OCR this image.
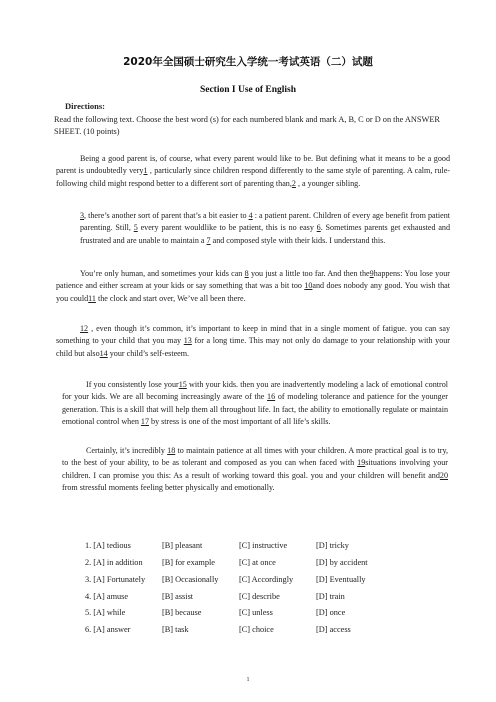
2020年全国硕士研究生入学统一考试英语（二）试题
Section I Use of English
Directions:
Read the following text. Choose the best word (s) for each numbered blank and mark A, B, C or D on the ANSWER SHEET. (10 points)
Being a good parent is, of course, what every parent would like to be. But defining what it means to be a good parent is undoubtedly very1 , particularly since children respond differently to the same style of parenting. A calm, rule-following child might respond better to a different sort of parenting than,2 , a younger sibling.
3, there’s another sort of parent that’s a bit easier to 4 : a patient parent. Children of every age benefit from patient parenting. Still, 5 every parent wouldlike to be patient, this is no easy 6. Sometimes parents get exhausted and frustrated and are unable to maintain a 7 and composed style with their kids. I understand this.
You’re only human, and sometimes your kids can 8 you just a little too far. And then the9happens: You lose your patience and either scream at your kids or say something that was a bit too 10and does nobody any good. You wish that you could11 the clock and start over, We’ve all been there.
12 , even though it’s common, it’s important to keep in mind that in a single moment of fatigue. you can say something to your child that you may 13 for a long time. This may not only do damage to your relationship with your child but also14 your child’s self-esteem.
If you consistently lose your15 with your kids. then you are inadvertently modeling a lack of emotional control for your kids. We are all becoming increasingly aware of the 16 of modeling tolerance and patience for the younger generation. This is a skill that will help them all throughout life. In fact, the ability to emotionally regulate or maintain emotional control when 17 by stress is one of the most important of all life’s skills.
Certainly, it’s incredibly 18 to maintain patience at all times with your children. A more practical goal is to try, to the best of your ability, to be as tolerant and composed as you can when faced with 19situations involving your children. I can promise you this: As a result of working toward this goal. you and your children will benefit and20 from stressful moments feeling better physically and emotionally.
1. [A] tedious	[B] pleasant	[C] instructive	[D] tricky
2. [A] in addition	[B] for example	[C] at once	[D] by accident
3. [A] Fortunately	[B] Occasionally	[C] Accordingly	[D] Eventually
4. [A] amuse	[B] assist	[C] describe	[D] train
5. [A] while	[B] because	[C] unless	[D] once
6. [A] answer	[B] task	[C] choice	[D] access
1
